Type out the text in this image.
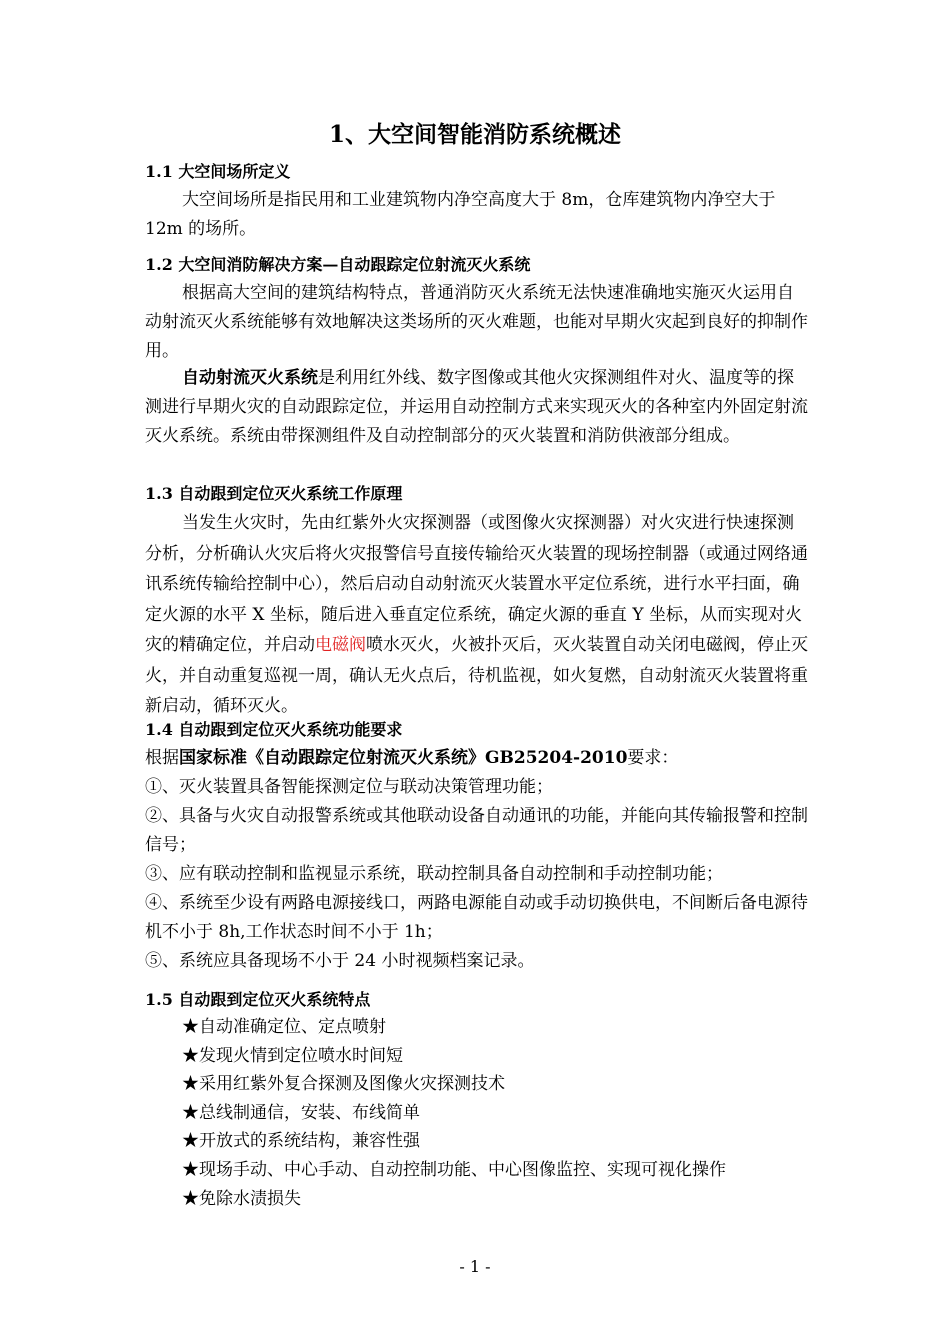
1、大空间智能消防系统概述
1.1 大空间场所定义

大空间场所是指民用和工业建筑物内净空高度大于 8m，仓库建筑物内净空大于 12m 的场所。

1.2 大空间消防解决方案—自动跟踪定位射流灭火系统

根据高大空间的建筑结构特点，普通消防灭火系统无法快速准确地实施灭火运用自动射流灭火系统能够有效地解决这类场所的灭火难题，也能对早期火灾起到良好的抑制作用。

自动射流灭火系统是利用红外线、数字图像或其他火灾探测组件对火、温度等的探测进行早期火灾的自动跟踪定位，并运用自动控制方式来实现灭火的各种室内外固定射流灭火系统。系统由带探测组件及自动控制部分的灭火装置和消防供液部分组成。

1.3 自动跟到定位灭火系统工作原理

当发生火灾时，先由红紫外火灾探测器（或图像火灾探测器）对火灾进行快速探测分析，分析确认火灾后将火灾报警信号直接传输给灭火装置的现场控制器（或通过网络通讯系统传输给控制中心），然后启动自动射流灭火装置水平定位系统，进行水平扫面，确定火源的水平 X 坐标，随后进入垂直定位系统，确定火源的垂直 Y 坐标，从而实现对火灾的精确定位，并启动电磁阀喷水灭火，火被扑灭后，灭火装置自动关闭电磁阀，停止灭火，并自动重复巡视一周，确认无火点后，待机监视，如火复燃，自动射流灭火装置将重新启动，循环灭火。

1.4 自动跟到定位灭火系统功能要求

根据国家标准《自动跟踪定位射流灭火系统》GB25204-2010要求：

①、灭火装置具备智能探测定位与联动决策管理功能；
②、具备与火灾自动报警系统或其他联动设备自动通讯的功能，并能向其传输报警和控制信号；
③、应有联动控制和监视显示系统，联动控制具备自动控制和手动控制功能；
④、系统至少设有两路电源接线口，两路电源能自动或手动切换供电，不间断后备电源待机不小于 8h,工作状态时间不小于 1h；
⑤、系统应具备现场不小于 24 小时视频档案记录。
1.5 自动跟到定位灭火系统特点
★自动准确定位、定点喷射
★发现火情到定位喷水时间短
★采用红紫外复合探测及图像火灾探测技术
★总线制通信，安装、布线简单
★开放式的系统结构，兼容性强
★现场手动、中心手动、自动控制功能、中心图像监控、实现可视化操作
★免除水渍损失
- 1 -
